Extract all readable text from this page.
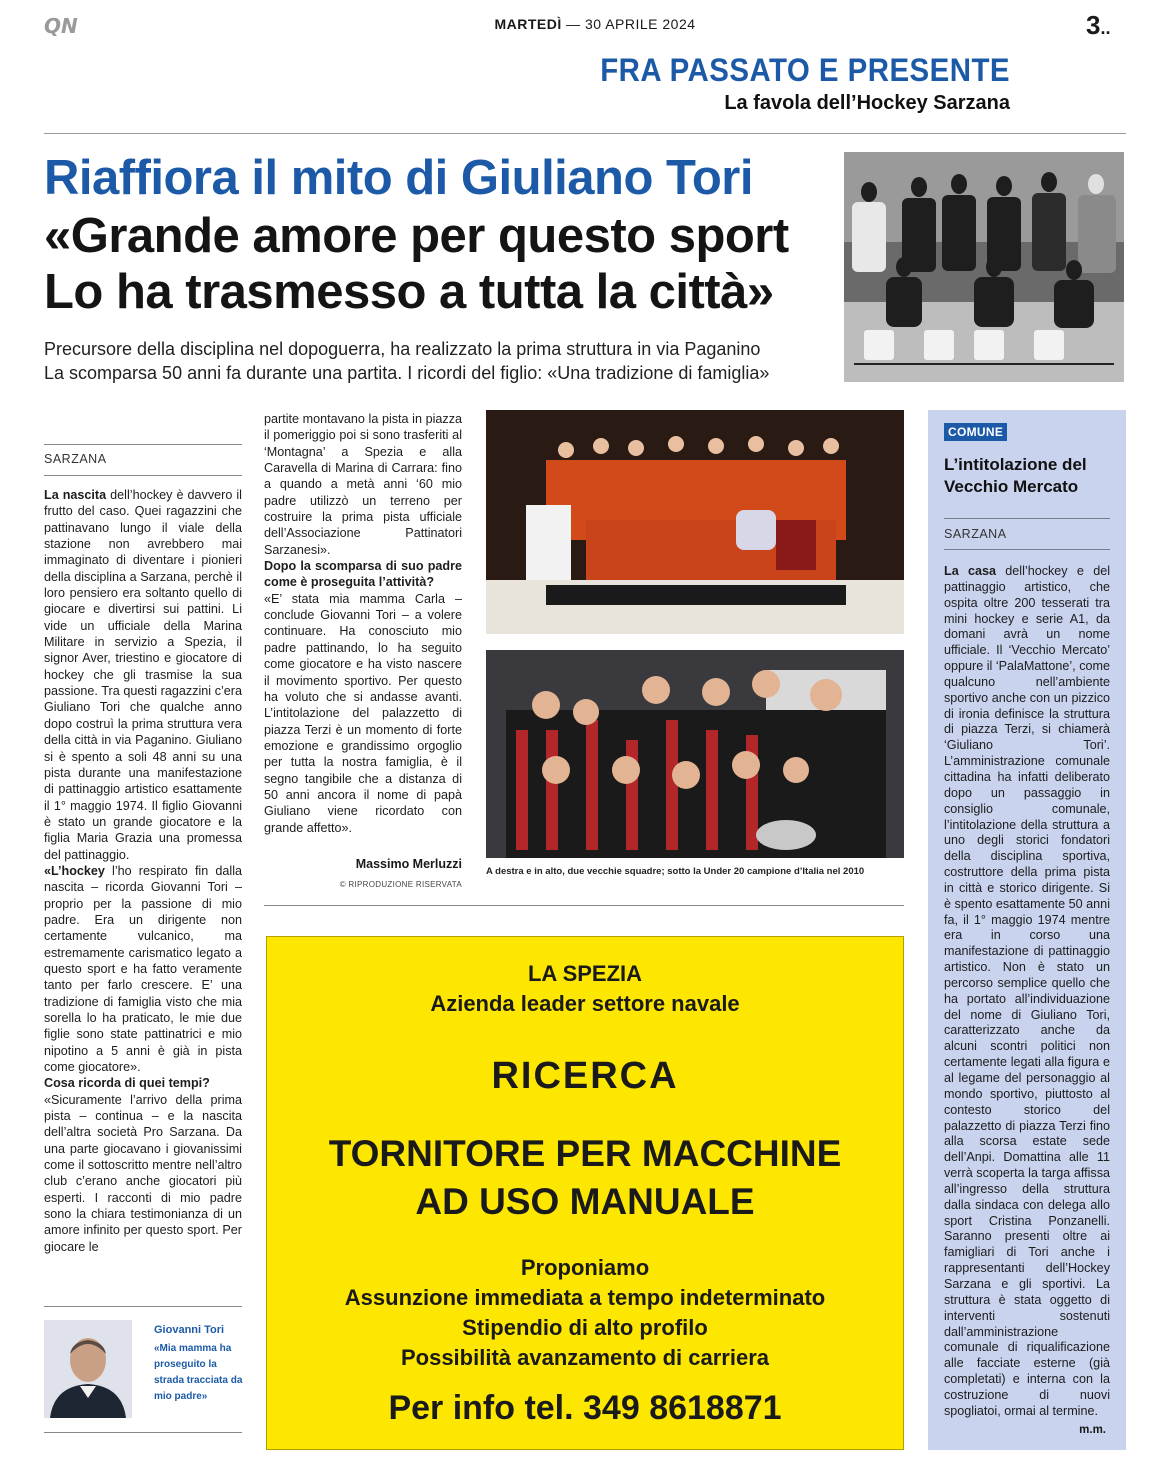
QN	MARTEDÌ — 30 APRILE 2024	3..
FRA PASSATO E PRESENTE
La favola dell’Hockey Sarzana
Riaffiora il mito di Giuliano Tori
«Grande amore per questo sport
Lo ha trasmesso a tutta la città»
Precursore della disciplina nel dopoguerra, ha realizzato la prima struttura in via Paganino
La scomparsa 50 anni fa durante una partita. I ricordi del figlio: «Una tradizione di famiglia»
SARZANA

La nascita dell’hockey è davvero il frutto del caso. Quei ragazzini che pattinavano lungo il viale della stazione non avrebbero mai immaginato di diventare i pionieri della disciplina a Sarzana, perchè il loro pensiero era soltanto quello di giocare e divertirsi sui pattini. Li vide un ufficiale della Marina Militare in servizio a Spezia, il signor Aver, triestino e giocatore di hockey che gli trasmise la sua passione. Tra questi ragazzini c’era Giuliano Tori che qualche anno dopo costruì la prima struttura vera della città in via Paganino. Giuliano si è spento a soli 48 anni su una pista durante una manifestazione di pattinaggio artistico esattamente il 1° maggio 1974. Il figlio Giovanni è stato un grande giocatore e la figlia Maria Grazia una promessa del pattinaggio.

«L’hockey l’ho respirato fin dalla nascita – ricorda Giovanni Tori – proprio per la passione di mio padre. Era un dirigente non certamente vulcanico, ma estremamente carismatico legato a questo sport e ha fatto veramente tanto per farlo crescere. E’ una tradizione di famiglia visto che mia sorella lo ha praticato, le mie due figlie sono state pattinatrici e mio nipotino a 5 anni è già in pista come giocatore».

Cosa ricorda di quei tempi?

«Sicuramente l’arrivo della prima pista – continua – e la nascita dell’altra società Pro Sarzana. Da una parte giocavano i giovanissimi come il sottoscritto mentre nell’altro club c’erano anche giocatori più esperti. I racconti di mio padre sono la chiara testimonianza di un amore infinito per questo sport. Per giocare le

partite montavano la pista in piazza il pomeriggio poi si sono trasferiti al ‘Montagna’ a Spezia e alla Caravella di Marina di Carrara: fino a quando a metà anni ‘60 mio padre utilizzò un terreno per costruire la prima pista ufficiale dell’Associazione Pattinatori Sarzanesi».

Dopo la scomparsa di suo padre come è proseguita l’attività?

«E’ stata mia mamma Carla – conclude Giovanni Tori – a volere continuare. Ha conosciuto mio padre pattinando, lo ha seguito come giocatore e ha visto nascere il movimento sportivo. Per questo ha voluto che si andasse avanti. L’intitolazione del palazzetto di piazza Terzi è un momento di forte emozione e grandissimo orgoglio per tutta la nostra famiglia, è il segno tangibile che a distanza di 50 anni ancora il nome di papà Giuliano viene ricordato con grande affetto».

Massimo Merluzzi
© RIPRODUZIONE RISERVATA
A destra e in alto, due vecchie squadre; sotto la Under 20 campione d’Italia nel 2010
COMUNE
L’intitolazione del Vecchio Mercato
SARZANA

La casa dell’hockey e del pattinaggio artistico, che ospita oltre 200 tesserati tra mini hockey e serie A1, da domani avrà un nome ufficiale. Il ‘Vecchio Mercato’ oppure il ‘PalaMattone’, come qualcuno nell’ambiente sportivo anche con un pizzico di ironia definisce la struttura di piazza Terzi, si chiamerà ‘Giuliano Tori’. L’amministrazione comunale cittadina ha infatti deliberato dopo un passaggio in consiglio comunale, l’intitolazione della struttura a uno degli storici fondatori della disciplina sportiva, costruttore della prima pista in città e storico dirigente. Si è spento esattamente 50 anni fa, il 1° maggio 1974 mentre era in corso una manifestazione di pattinaggio artistico. Non è stato un percorso semplice quello che ha portato all’individuazione del nome di Giuliano Tori, caratterizzato anche da alcuni scontri politici non certamente legati alla figura e al legame del personaggio al mondo sportivo, piuttosto al contesto storico del palazzetto di piazza Terzi fino alla scorsa estate sede dell’Anpi. Domattina alle 11 verrà scoperta la targa affissa all’ingresso della struttura dalla sindaca con delega allo sport Cristina Ponzanelli. Saranno presenti oltre ai famigliari di Tori anche i rappresentanti dell’Hockey Sarzana e gli sportivi. La struttura è stata oggetto di interventi sostenuti dall’amministrazione comunale di riqualificazione alle facciate esterne (già completati) e interna con la costruzione di nuovi spogliatoi, ormai al termine.

m.m.
Giovanni Tori
«Mia mamma ha proseguito la strada tracciata da mio padre»
LA SPEZIA
Azienda leader settore navale
RICERCA
TORNITORE PER MACCHINE
AD USO MANUALE
Proponiamo
Assunzione immediata a tempo indeterminato
Stipendio di alto profilo
Possibilità avanzamento di carriera
Per info tel. 349 8618871
